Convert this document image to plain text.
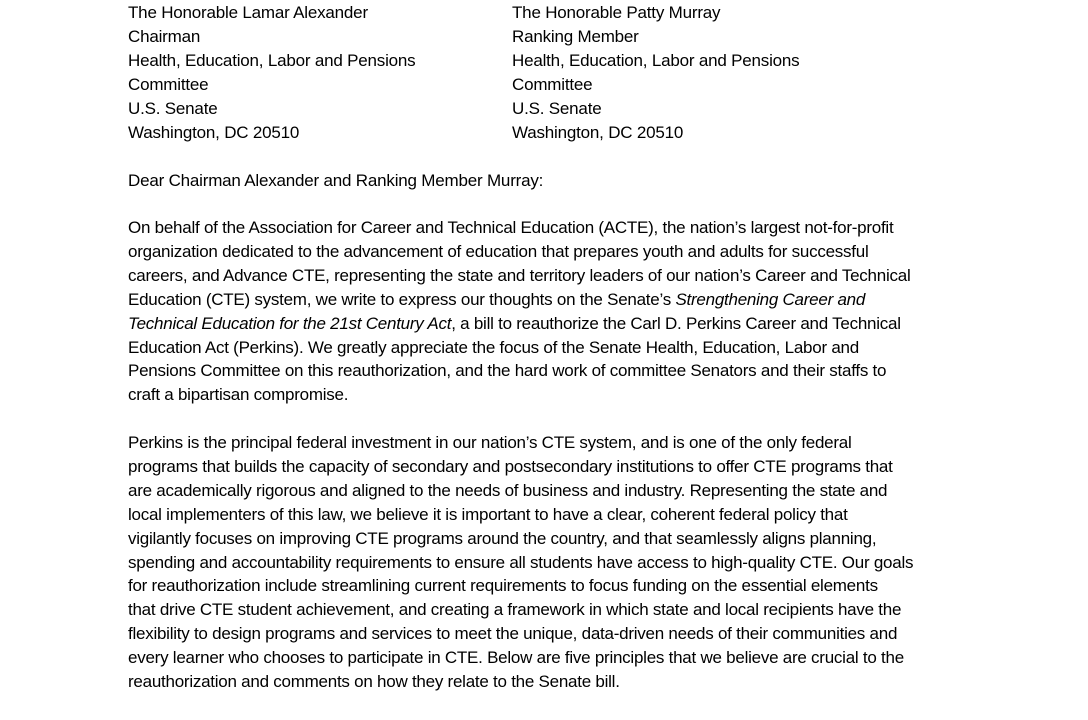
The Honorable Lamar Alexander
Chairman
Health, Education, Labor and Pensions
Committee
U.S. Senate
Washington, DC 20510
The Honorable Patty Murray
Ranking Member
Health, Education, Labor and Pensions
Committee
U.S. Senate
Washington, DC 20510
Dear Chairman Alexander and Ranking Member Murray:
On behalf of the Association for Career and Technical Education (ACTE), the nation’s largest not-for-profit
organization dedicated to the advancement of education that prepares youth and adults for successful
careers, and Advance CTE, representing the state and territory leaders of our nation’s Career and Technical
Education (CTE) system, we write to express our thoughts on the Senate’s Strengthening Career and
Technical Education for the 21st Century Act, a bill to reauthorize the Carl D. Perkins Career and Technical
Education Act (Perkins). We greatly appreciate the focus of the Senate Health, Education, Labor and
Pensions Committee on this reauthorization, and the hard work of committee Senators and their staffs to
craft a bipartisan compromise.
Perkins is the principal federal investment in our nation’s CTE system, and is one of the only federal
programs that builds the capacity of secondary and postsecondary institutions to offer CTE programs that
are academically rigorous and aligned to the needs of business and industry. Representing the state and
local implementers of this law, we believe it is important to have a clear, coherent federal policy that
vigilantly focuses on improving CTE programs around the country, and that seamlessly aligns planning,
spending and accountability requirements to ensure all students have access to high-quality CTE. Our goals
for reauthorization include streamlining current requirements to focus funding on the essential elements
that drive CTE student achievement, and creating a framework in which state and local recipients have the
flexibility to design programs and services to meet the unique, data-driven needs of their communities and
every learner who chooses to participate in CTE. Below are five principles that we believe are crucial to the
reauthorization and comments on how they relate to the Senate bill.
